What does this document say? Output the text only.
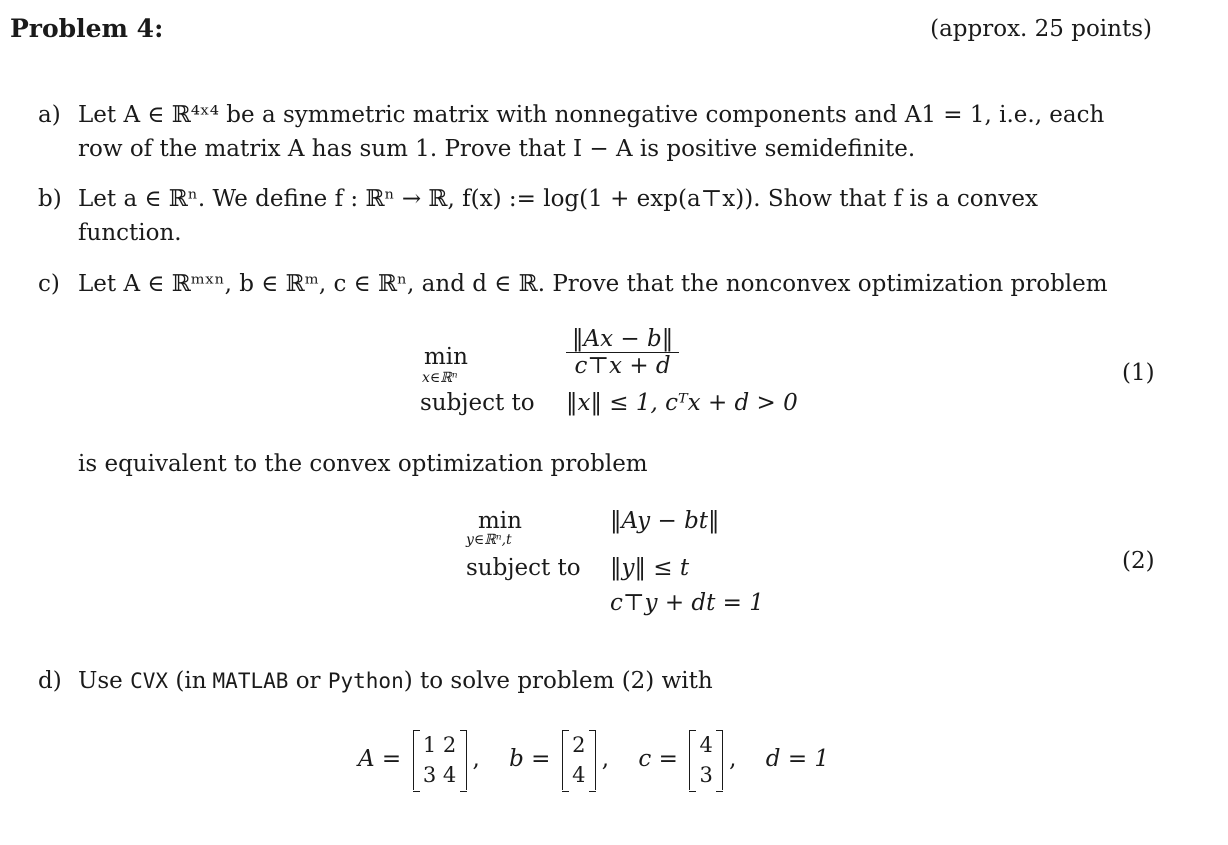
Problem 4:	(approx. 25 points)
a) Let A ∈ ℝ⁴ˣ⁴ be a symmetric matrix with nonnegative components and A1 = 1, i.e., each
row of the matrix A has sum 1. Prove that I − A is positive semidefinite.
b) Let a ∈ ℝⁿ. We define f : ℝⁿ → ℝ, f(x) := log(1 + exp(a⊤x)). Show that f is a convex
function.
c) Let A ∈ ℝᵐˣⁿ, b ∈ ℝᵐ, c ∈ ℝⁿ, and d ∈ ℝ. Prove that the nonconvex optimization problem
min
x∈ℝⁿ	$\frac{‖Ax - b‖}{c⊤x + d}$
subject to ‖x‖ ≤ 1, cᵀx + d > 0
(1)
is equivalent to the convex optimization problem
min
y∈ℝⁿ,t
‖Ay − bt‖
subject to ‖y‖ ≤ t
c⊤y + dt = 1
(2)
d) Use CVX (in MATLAB or Python) to solve problem (2) with
A =
1 2
3 4
, b =
2
4
, c =
4
3
, d = 1
